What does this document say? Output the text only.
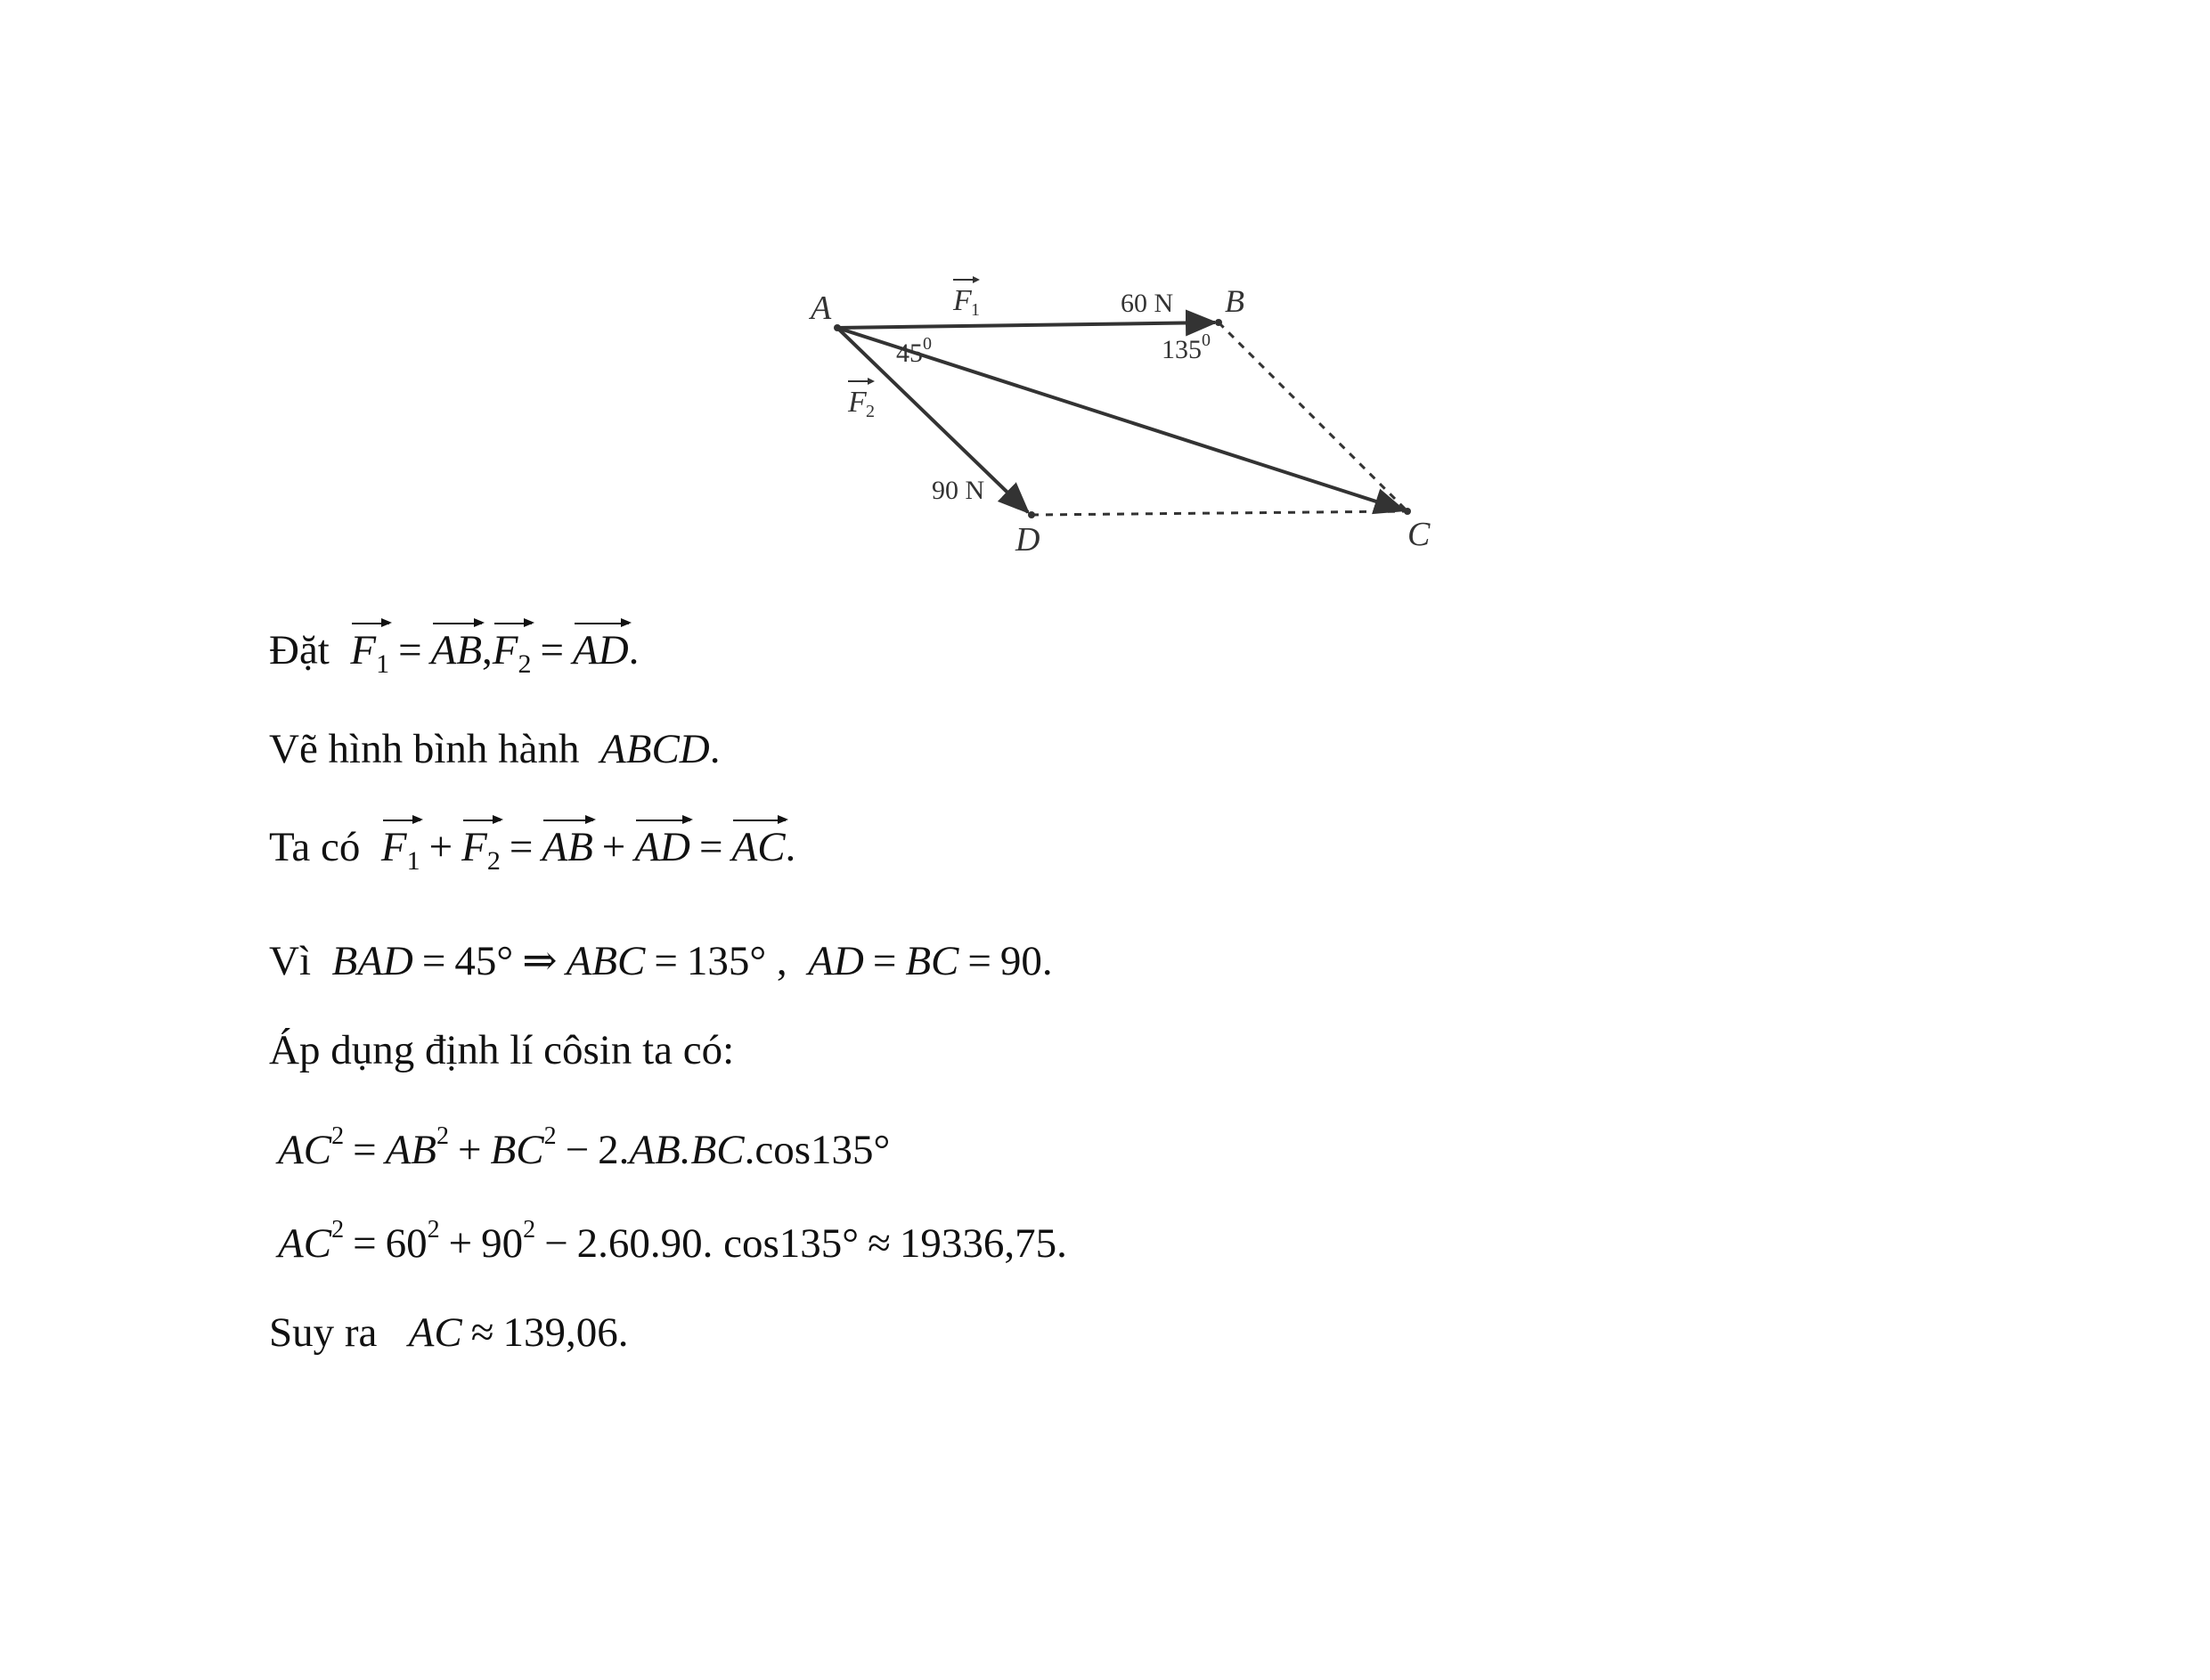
A	B
C
D
F 1
F 2
60 N
90 N
$45^0$	$135^0$
Đặt $F_1 = AB,F_2$ = AD.
Vẽ hình bình hành ABCD.
Ta có $F_1 + F_2$ = AB + AD = AC.
Vì BAD = 45° ⇒ ABC = 135° , AD = BC = 90.
Áp dụng định lí côsin ta có:
$AC^2 = AB^2 + BC^2 - 2.AB.BC.\cos 135^\circ$
$AC^2 = 60^2 + 90^2 - 2.60.90$. cos135° ≈ 19336,75.
Suy ra AC ≈ 139,06.
